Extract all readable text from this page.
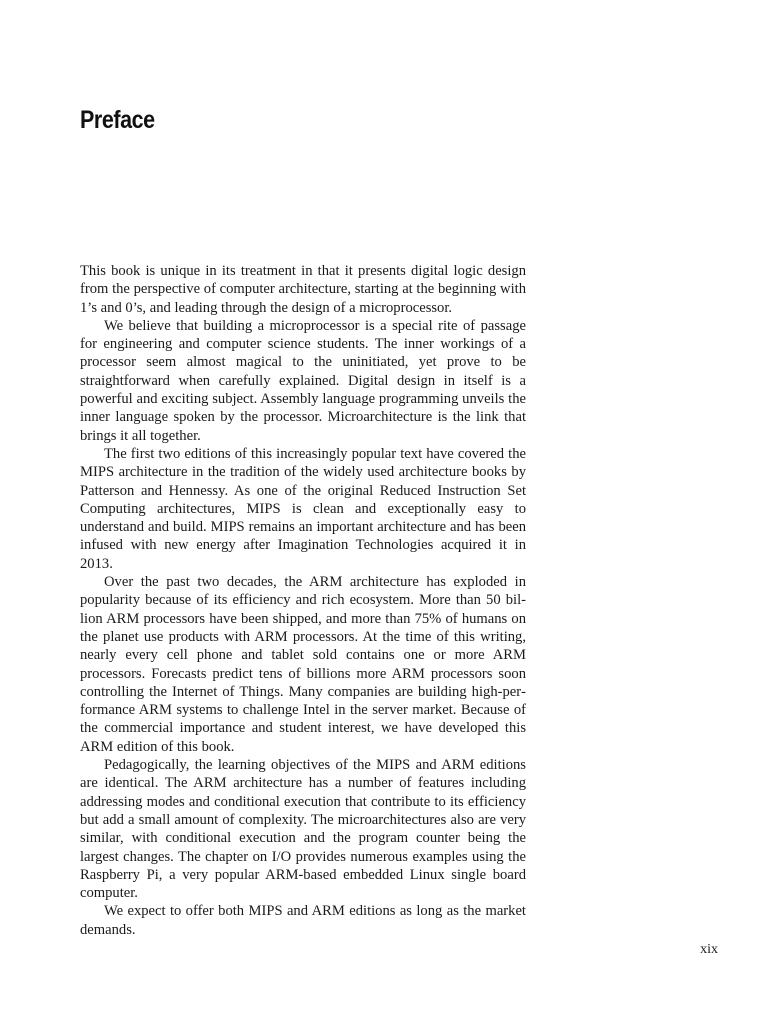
Preface

This book is unique in its treatment in that it presents digital logic design from the perspective of computer architecture, starting at the beginning with 1’s and 0’s, and leading through the design of a microprocessor.

We believe that building a microprocessor is a special rite of passage for engineering and computer science students. The inner workings of a processor seem almost magical to the uninitiated, yet prove to be straightforward when carefully explained. Digital design in itself is a powerful and exciting subject. Assembly language programming unveils the inner language spoken by the processor. Microarchitecture is the link that brings it all together.

The first two editions of this increasingly popular text have covered the MIPS architecture in the tradition of the widely used architecture books by Patterson and Hennessy. As one of the original Reduced Instruction Set Computing architectures, MIPS is clean and exceptionally easy to understand and build. MIPS remains an important architecture and has been infused with new energy after Imagination Technologies acquired it in 2013.

Over the past two decades, the ARM architecture has exploded in popularity because of its efficiency and rich ecosystem. More than 50 billion ARM processors have been shipped, and more than 75% of humans on the planet use products with ARM processors. At the time of this writing, nearly every cell phone and tablet sold contains one or more ARM processors. Forecasts predict tens of billions more ARM processors soon controlling the Internet of Things. Many companies are building high-performance ARM systems to challenge Intel in the server market. Because of the commercial importance and student interest, we have developed this ARM edition of this book.

Pedagogically, the learning objectives of the MIPS and ARM editions are identical. The ARM architecture has a number of features including addressing modes and conditional execution that contribute to its efficiency but add a small amount of complexity. The microarchitectures also are very similar, with conditional execution and the program counter being the largest changes. The chapter on I/O provides numerous examples using the Raspberry Pi, a very popular ARM-based embedded Linux single board computer.

We expect to offer both MIPS and ARM editions as long as the market demands.

xix
